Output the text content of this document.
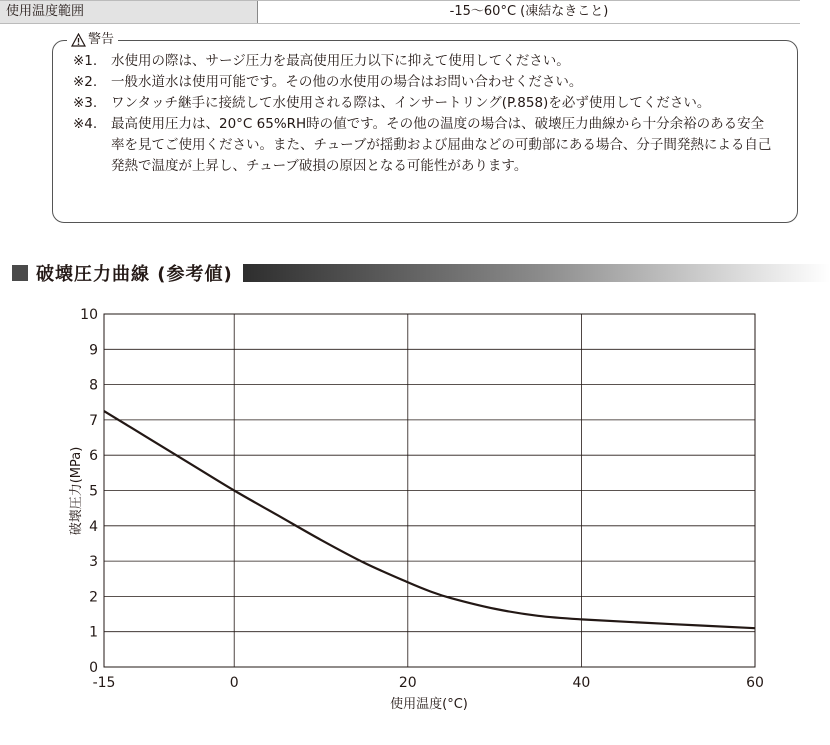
使用温度範囲	-15～60°C (凍結なきこと)
警告
※1.	水使用の際は、サージ圧力を最高使用圧力以下に抑えて使用してください。
※2.	一般水道水は使用可能です。その他の水使用の場合はお問い合わせください。
※3.	ワンタッチ継手に接続して水使用される際は、インサートリング(P.858)を必ず使用してください。
※4.	最高使用圧力は、20°C 65%RH時の値です。その他の温度の場合は、破壊圧力曲線から十分余裕のある安全率を見てご使用ください。また、チューブが揺動および屈曲などの可動部にある場合、分子間発熱による自己発熱で温度が上昇し、チューブ破損の原因となる可能性があります。
破壊圧力曲線 (参考値)
0
1
2
3
4
5
6
7
8
9
10
-15	0	20	40	60
使用温度(°C)
破壊圧力(MPa)
